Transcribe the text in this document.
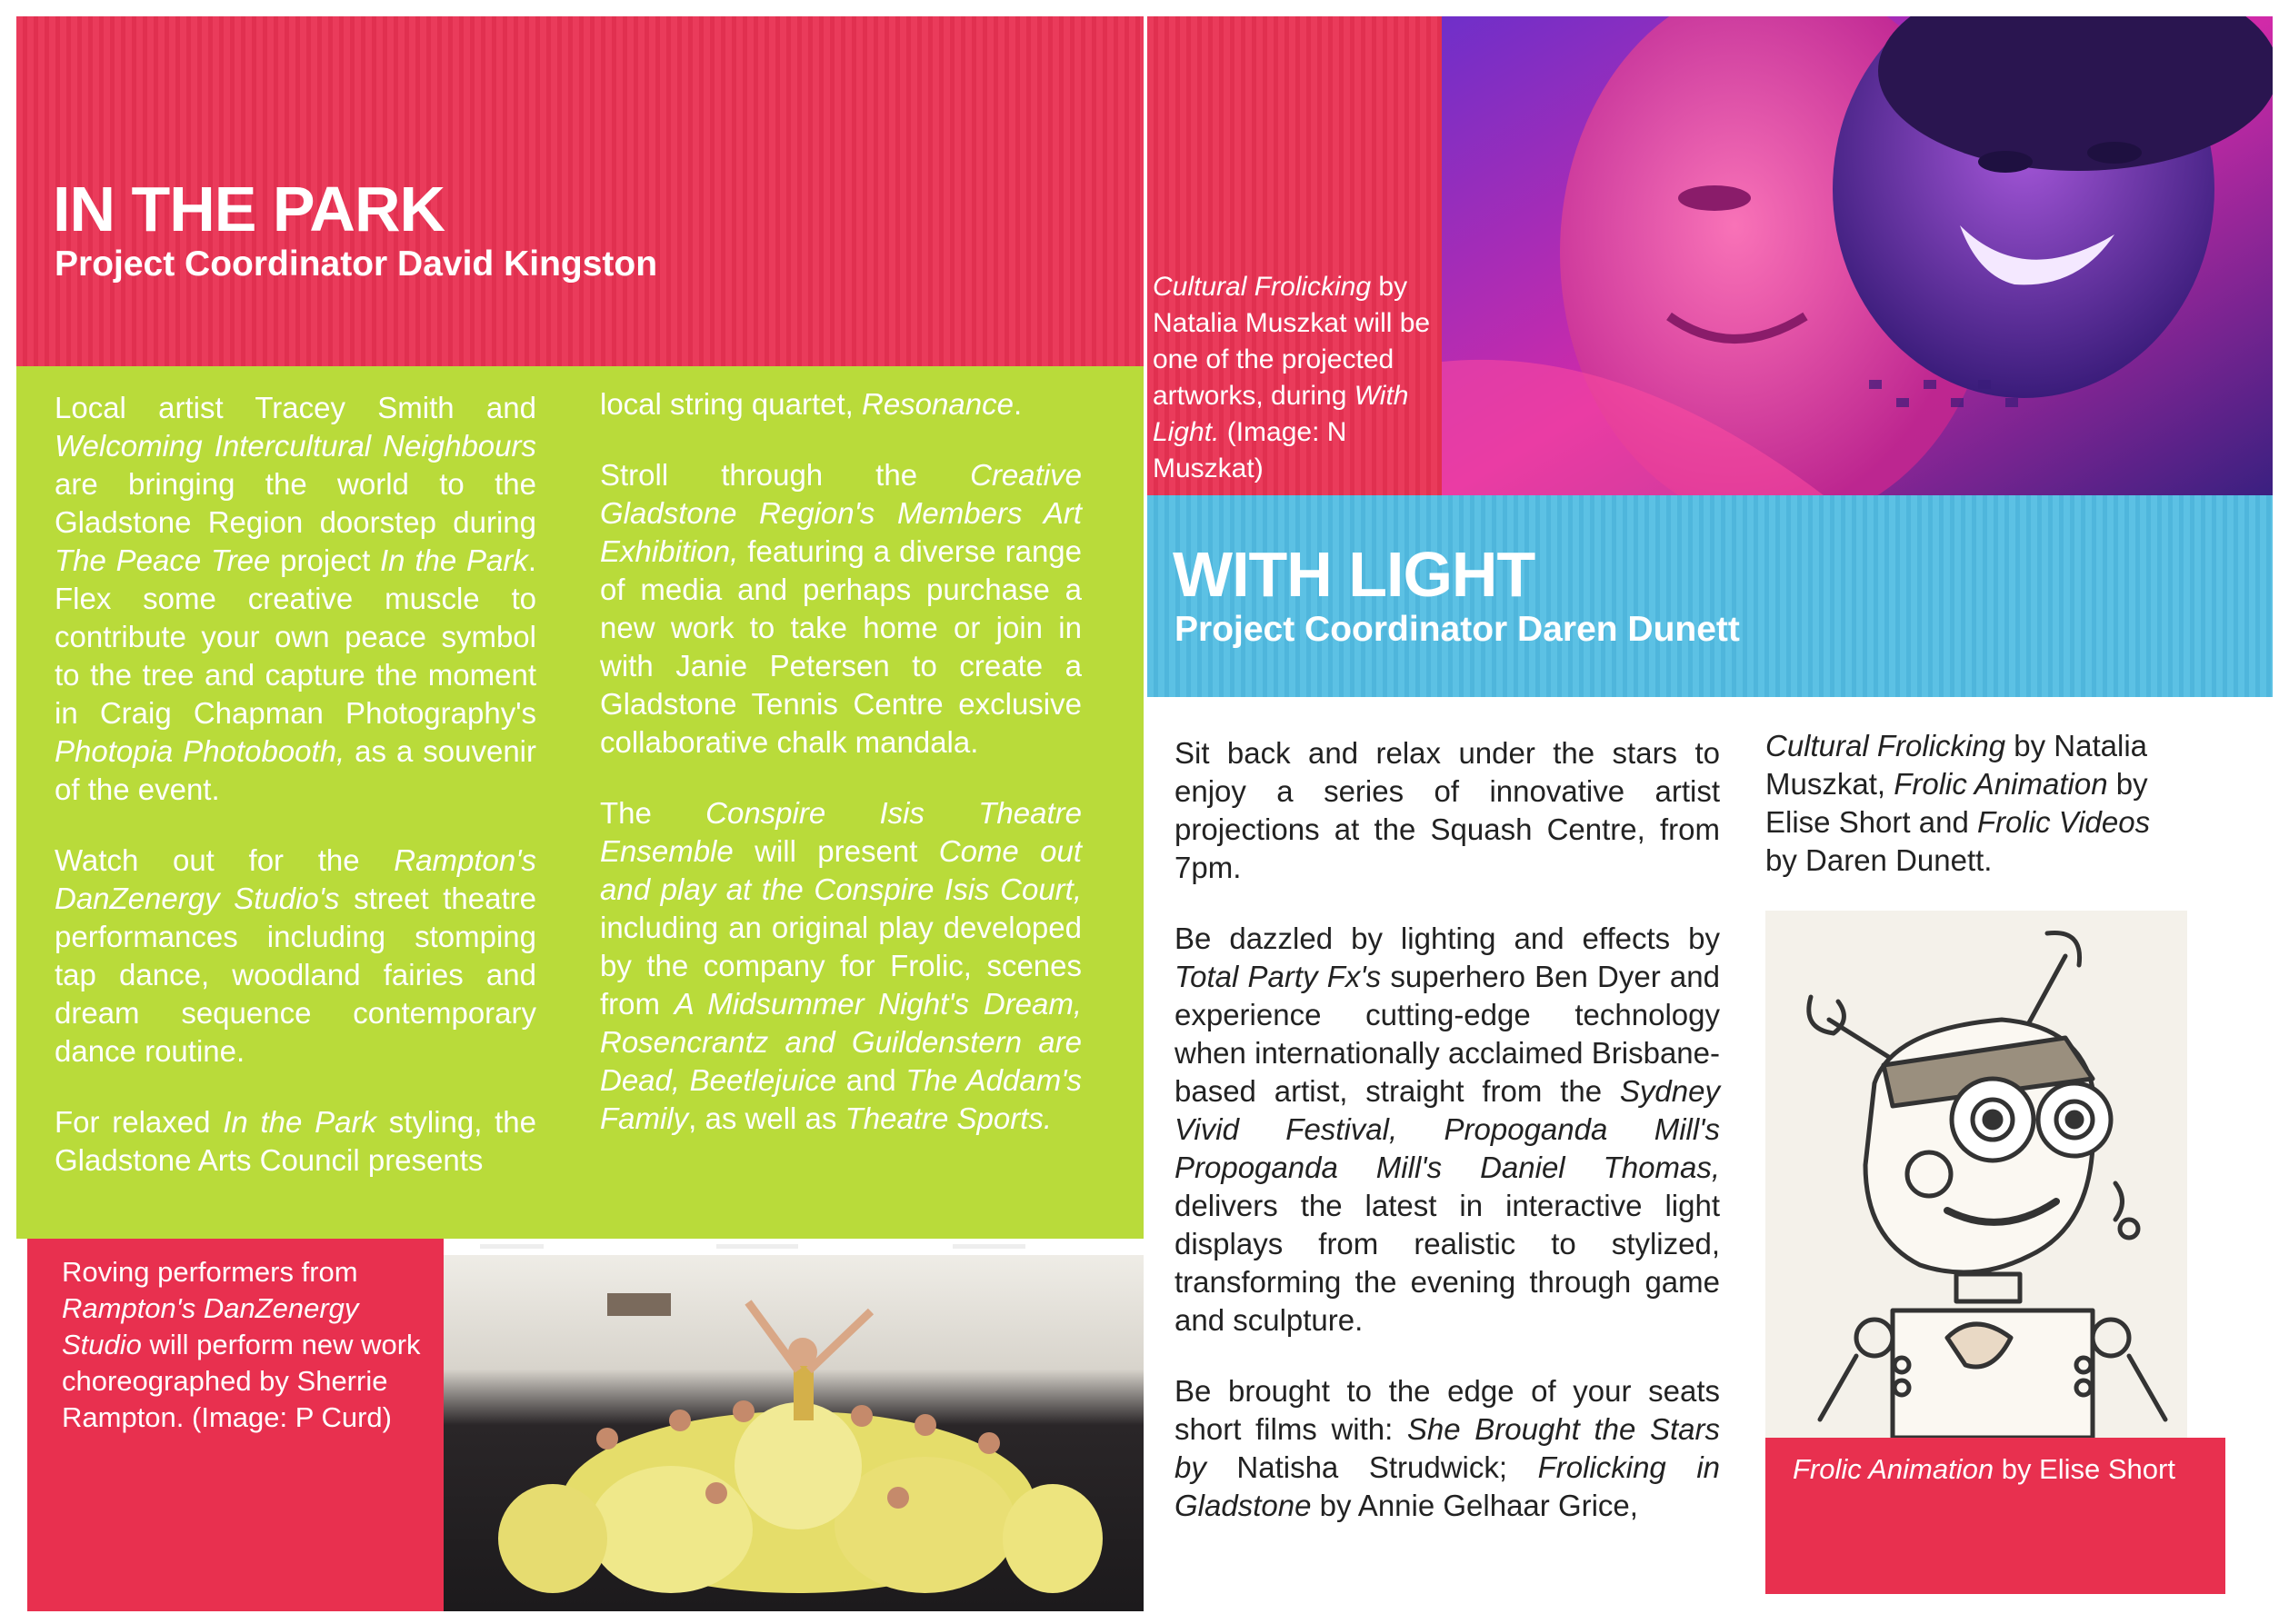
IN THE PARK
Project Coordinator David Kingston

Local artist Tracey Smith and Welcoming Intercultural Neighbours are bringing the world to the Gladstone Region doorstep during The Peace Tree project In the Park. Flex some creative muscle to contribute your own peace symbol to the tree and capture the moment in Craig Chapman Photography's Photopia Photobooth, as a souvenir of the event.

Watch out for the Rampton's DanZenergy Studio's street theatre performances including stomping tap dance, woodland fairies and dream sequence contemporary dance routine.

For relaxed In the Park styling, the Gladstone Arts Council presents

local string quartet, Resonance.

Stroll through the Creative Gladstone Region's Members Art Exhibition, featuring a diverse range of media and perhaps purchase a new work to take home or join in with Janie Petersen to create a Gladstone Tennis Centre exclusive collaborative chalk mandala.

The Conspire Isis Theatre Ensemble will present Come out and play at the Conspire Isis Court, including an original play developed by the company for Frolic, scenes from A Midsummer Night's Dream, Rosencrantz and Guildenstern are Dead, Beetlejuice and The Addam's Family, as well as Theatre Sports.

Roving performers from Rampton's DanZenergy Studio will perform new work choreographed by Sherrie Rampton. (Image: P Curd)
Cultural Frolicking by Natalia Muszkat will be one of the projected artworks, during With Light. (Image: N Muszkat)
WITH LIGHT
Project Coordinator Daren Dunett

Sit back and relax under the stars to enjoy a series of innovative artist projections at the Squash Centre, from 7pm.

Be dazzled by lighting and effects by Total Party Fx's superhero Ben Dyer and experience cutting-edge technology when internationally acclaimed Brisbane-based artist, straight from the Sydney Vivid Festival, Propoganda Mill's Propoganda Mill's Daniel Thomas, delivers the latest in interactive light displays from realistic to stylized, transforming the evening through game and sculpture.

Be brought to the edge of your seats short films with: She Brought the Stars by Natisha Strudwick; Frolicking in Gladstone by Annie Gelhaar Grice,

Cultural Frolicking by Natalia Muszkat, Frolic Animation by Elise Short and Frolic Videos by Daren Dunett.

Frolic Animation by Elise Short
